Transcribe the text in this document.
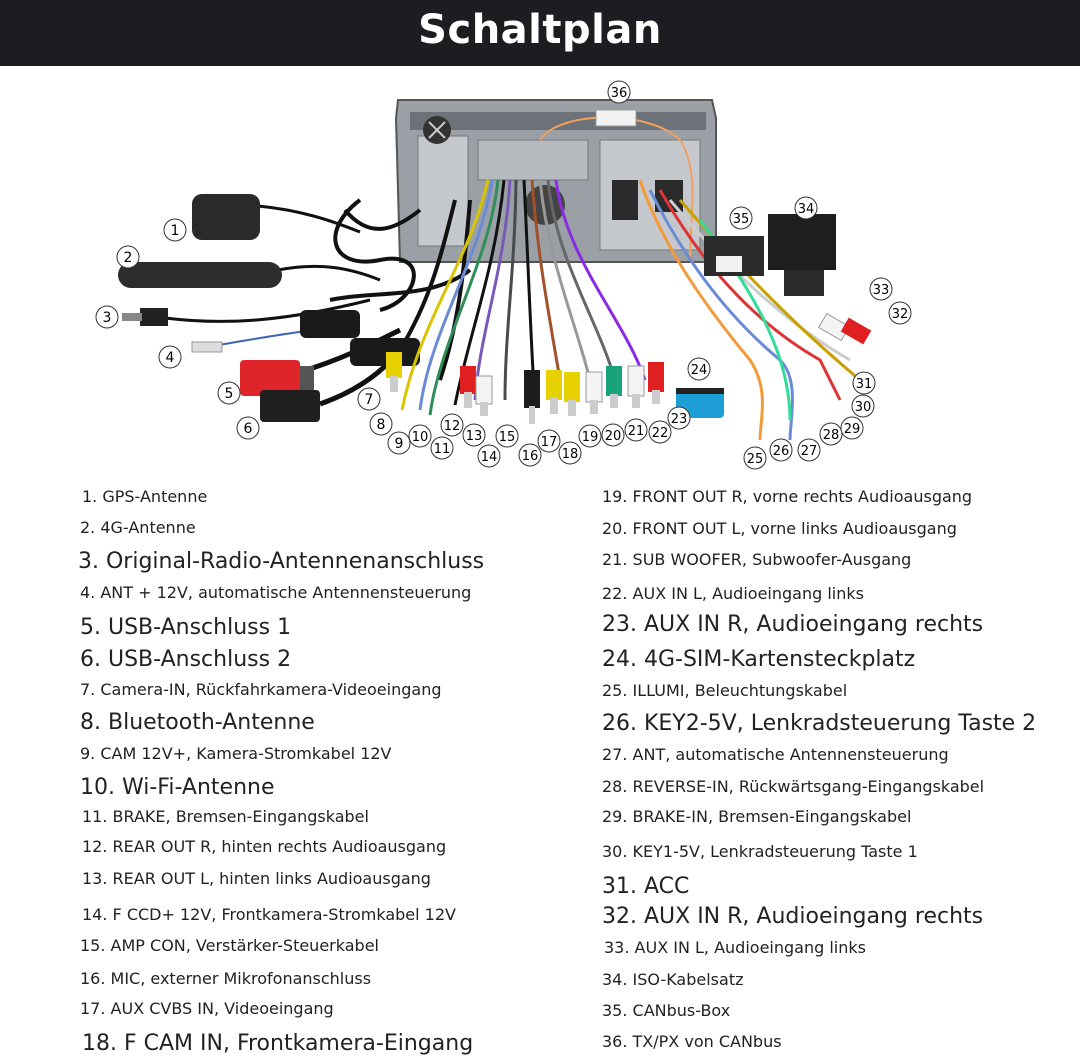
Schaltplan
1
2
3
4
5
6
7
8
9 10
11
12
13
14
15
16
17
18
19 20 21 22
23
24
25
26 27
28 29
30
31
32
33
34
35
36
1. GPS-Antenne
2. 4G-Antenne
3. Original-Radio-Antennenanschluss
4. ANT + 12V, automatische Antennensteuerung
5. USB-Anschluss 1
6. USB-Anschluss 2
7. Camera-IN, Rückfahrkamera-Videoeingang
8. Bluetooth-Antenne
9. CAM 12V+, Kamera-Stromkabel 12V
10. Wi-Fi-Antenne
11. BRAKE, Bremsen-Eingangskabel
12. REAR OUT R, hinten rechts Audioausgang
13. REAR OUT L, hinten links Audioausgang
14. F CCD+ 12V, Frontkamera-Stromkabel 12V
15. AMP CON, Verstärker-Steuerkabel
16. MIC, externer Mikrofonanschluss
17. AUX CVBS IN, Videoeingang
18. F CAM IN, Frontkamera-Eingang
19. FRONT OUT R, vorne rechts Audioausgang
20. FRONT OUT L, vorne links Audioausgang
21. SUB WOOFER, Subwoofer-Ausgang
22. AUX IN L, Audioeingang links
23. AUX IN R, Audioeingang rechts
24. 4G-SIM-Kartensteckplatz
25. ILLUMI, Beleuchtungskabel
26. KEY2-5V, Lenkradsteuerung Taste 2
27. ANT, automatische Antennensteuerung
28. REVERSE-IN, Rückwärtsgang-Eingangskabel
29. BRAKE-IN, Bremsen-Eingangskabel
30. KEY1-5V, Lenkradsteuerung Taste 1
31. ACC
32. AUX IN R, Audioeingang rechts
33. AUX IN L, Audioeingang links
34. ISO-Kabelsatz
35. CANbus-Box
36. TX/PX von CANbus
